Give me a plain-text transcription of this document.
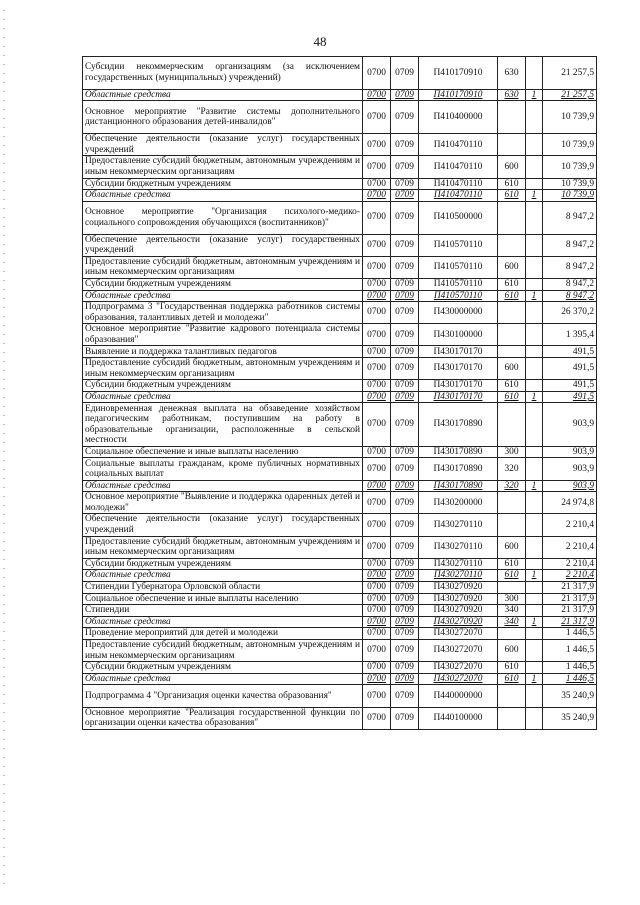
48
Субсидии некоммерческим организациям (за исключением государственных (муниципальных) учреждений)	0700	0709	П410170910	630		21 257,5
Областные средства	0700	0709	П410170910	630	1	21 257,5
Основное мероприятие "Развитие системы дополнительного дистанционного образования детей-инвалидов"	0700	0709	П410400000			10 739,9
Обеспечение деятельности (оказание услуг) государственных учреждений	0700	0709	П410470110			10 739,9
Предоставление субсидий бюджетным, автономным учреждениям и иным некоммерческим организациям	0700	0709	П410470110	600		10 739,9
Субсидии бюджетным учреждениям	0700	0709	П410470110	610		10 739,9
Областные средства	0700	0709	П410470110	610	1	10 739,9
Основное мероприятие "Организация психолого-медико-социального сопровождения обучающихся (воспитанников)"	0700	0709	П410500000			8 947,2
Обеспечение деятельности (оказание услуг) государственных учреждений	0700	0709	П410570110			8 947,2
Предоставление субсидий бюджетным, автономным учреждениям и иным некоммерческим организациям	0700	0709	П410570110	600		8 947,2
Субсидии бюджетным учреждениям	0700	0709	П410570110	610		8 947,2
Областные средства	0700	0709	П410570110	610	1	8 947,2
Подпрограмма 3 "Государственная поддержка работников системы образования, талантливых детей и молодежи"	0700	0709	П430000000			26 370,2
Основное мероприятие "Развитие кадрового потенциала системы образования"	0700	0709	П430100000			1 395,4
Выявление и поддержка талантливых педагогов	0700	0709	П430170170			491,5
Предоставление субсидий бюджетным, автономным учреждениям и иным некоммерческим организациям	0700	0709	П430170170	600		491,5
Субсидии бюджетным учреждениям	0700	0709	П430170170	610		491,5
Областные средства	0700	0709	П430170170	610	1	491,5
Единовременная денежная выплата на обзаведение хозяйством педагогическим работникам, поступившим на работу в образовательные организации, расположенные в сельской местности	0700	0709	П430170890			903,9
Социальное обеспечение и иные выплаты населению	0700	0709	П430170890	300		903,9
Социальные выплаты гражданам, кроме публичных нормативных социальных выплат	0700	0709	П430170890	320		903,9
Областные средства	0700	0709	П430170890	320	1	903,9
Основное мероприятие "Выявление и поддержка одаренных детей и молодежи"	0700	0709	П430200000			24 974,8
Обеспечение деятельности (оказание услуг) государственных учреждений	0700	0709	П430270110			2 210,4
Предоставление субсидий бюджетным, автономным учреждениям и иным некоммерческим организациям	0700	0709	П430270110	600		2 210,4
Субсидии бюджетным учреждениям	0700	0709	П430270110	610		2 210,4
Областные средства	0700	0709	П430270110	610	1	2 210,4
Стипендии Губернатора Орловской области	0700	0709	П430270920			21 317,9
Социальное обеспечение и иные выплаты населению	0700	0709	П430270920	300		21 317,9
Стипендии	0700	0709	П430270920	340		21 317,9
Областные средства	0700	0709	П430270920	340	1	21 317,9
Проведение мероприятий для детей и молодежи	0700	0709	П430272070			1 446,5
Предоставление субсидий бюджетным, автономным учреждениям и иным некоммерческим организациям	0700	0709	П430272070	600		1 446,5
Субсидии бюджетным учреждениям	0700	0709	П430272070	610		1 446,5
Областные средства	0700	0709	П430272070	610	1	1 446,5
Подпрограмма 4 "Организация оценки качества образования"	0700	0709	П440000000			35 240,9
Основное мероприятие "Реализация государственной функции по организации оценки качества образования"	0700	0709	П440100000			35 240,9
